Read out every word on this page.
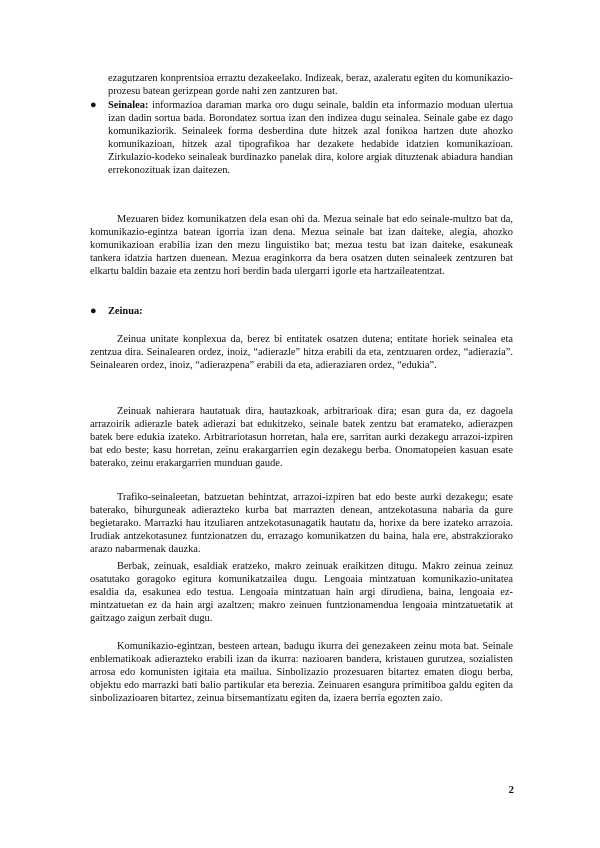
ezagutzaren konprentsioa erraztu dezakeelako. Indizeak, beraz, azaleratu egiten du komunikazio-prozesu batean gerizpean gorde nahi zen zantzuren bat.

● Seinalea: informazioa daraman marka oro dugu seinale, baldin eta informazio moduan ulertua izan dadin sortua bada. Borondatez sortua izan den indizea dugu seinalea. Seinale gabe ez dago komunikaziorik. Seinaleek forma desberdina dute hitzek azal fonikoa hartzen dute ahozko komunikazioan, hitzek azal tipografikoa har dezakete hedabide idatzien komunikazioan. Zirkulazio-kodeko seinaleak burdinazko panelak dira, kolore argiak dituztenak abiadura handian errekonozituak izan daitezen.

Mezuaren bidez komunikatzen dela esan ohi da. Mezua seinale bat edo seinale-multzo bat da, komunikazio-egintza batean igorria izan dena. Mezua seinale bat izan daiteke, alegia, ahozko komunikazioan erabilia izan den mezu linguistiko bat; mezua testu bat izan daiteke, esakuneak tankera idatzia hartzen duenean. Mezua eraginkorra da bera osatzen duten seinaleek zentzuren bat elkartu baldin bazaie eta zentzu hori berdin bada ulergarri igorle eta hartzaileatentzat.

● Zeinua:

Zeinua unitate konplexua da, berez bi entitatek osatzen dutena; entitate horiek seinalea eta zentzua dira. Seinalearen ordez, inoiz, “adierazle” hitza erabili da eta, zentzuaren ordez, “adierazia”. Seinalearen ordez, inoiz, “adierazpena” erabili da eta, adieraziaren ordez, “edukia”.

Zeinuak nahierara hautatuak dira, hautazkoak, arbitrarioak dira; esan gura da, ez dagoela arrazoirik adierazle batek adierazi bat edukitzeko, seinale batek zentzu bat eramateko, adierazpen batek bere edukia izateko. Arbitrariotasun horretan, hala ere, sarritan aurki dezakegu arrazoi-izpiren bat edo beste; kasu horretan, zeinu erakargarrien egin dezakegu berba. Onomatopeien kasuan esate baterako, zeinu erakargarrien munduan gaude.

Trafiko-seinaleetan, batzuetan behintzat, arrazoi-izpiren bat edo beste aurki dezakegu; esate baterako, bihurguneak adierazteko kurba bat marrazten denean, antzekotasuna nabaria da gure begietarako. Marrazki hau itzuliaren antzekotasunagatik hautatu da, horixe da bere izateko arrazoia. Irudiak antzekotasunez funtzionatzen du, errazago komunikatzen du baina, hala ere, abstrakziorako arazo nabarmenak dauzka.

Berbak, zeinuak, esaldiak eratzeko, makro zeinuak eraikitzen ditugu. Makro zeinua zeinuz osatutako goragoko egitura komunikatzailea dugu. Lengoaia mintzatuan komunikazio-unitatea esaldia da, esakunea edo testua. Lengoaia mintzatuan hain argi dirudiena, baina, lengoaia ez-mintzatuetan ez da hain argi azaltzen; makro zeinuen funtzionamendua lengoaia mintzatuetatik at gaitzago zaigun zerbait dugu.

Komunikazio-egintzan, besteen artean, badugu ikurra dei genezakeen zeinu mota bat. Seinale enblematikoak adierazteko erabili izan da ikurra: nazioaren bandera, kristauen gurutzea, sozialisten arrosa edo komunisten igitaia eta mailua. Sinbolizazio prozesuaren bitartez ematen diogu berba, objektu edo marrazki bati balio partikular eta berezia. Zeinuaren esangura primitiboa galdu egiten da sinbolizazioaren bitartez, zeinua birsemantizatu egiten da, izaera berria egozten zaio.

2
